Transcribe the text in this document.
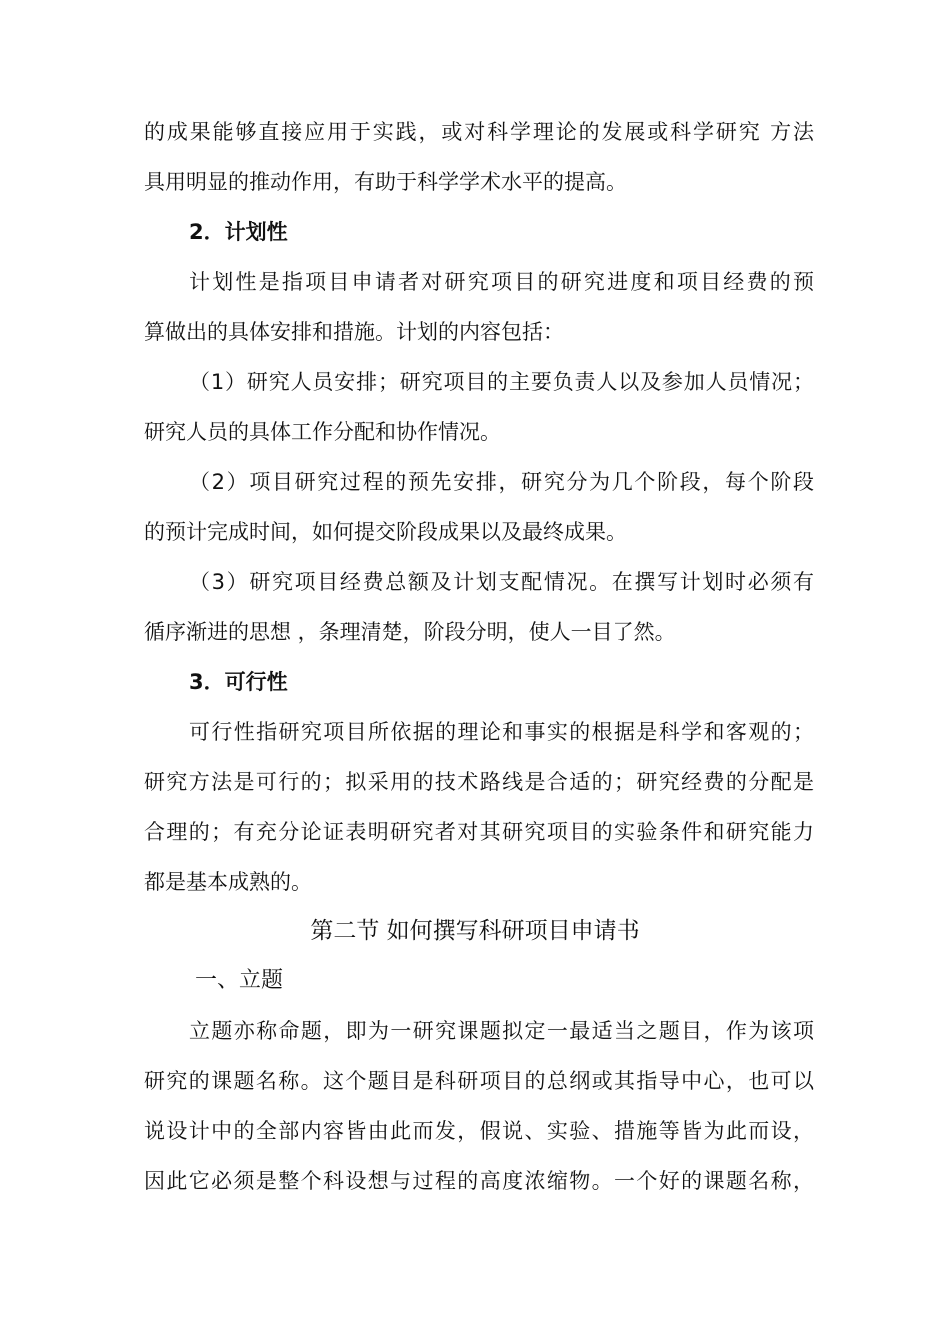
的成果能够直接应用于实践，或对科学理论的发展或科学研究 方法
具用明显的推动作用，有助于科学学术水平的提高。
2．计划性
计划性是指项目申请者对研究项目的研究进度和项目经费的预
算做出的具体安排和措施。计划的内容包括：
（1）研究人员安排；研究项目的主要负责人以及参加人员情况；
研究人员的具体工作分配和协作情况。
（2）项目研究过程的预先安排，研究分为几个阶段，每个阶段
的预计完成时间，如何提交阶段成果以及最终成果。
（3）研究项目经费总额及计划支配情况。在撰写计划时必须有
循序渐进的思想 ，条理清楚，阶段分明，使人一目了然。
3．可行性
可行性指研究项目所依据的理论和事实的根据是科学和客观的；
研究方法是可行的；拟采用的技术路线是合适的；研究经费的分配是
合理的；有充分论证表明研究者对其研究项目的实验条件和研究能力
都是基本成熟的。
第二节 如何撰写科研项目申请书
一、立题
立题亦称命题，即为一研究课题拟定一最适当之题目，作为该项
研究的课题名称。这个题目是科研项目的总纲或其指导中心，也可以
说设计中的全部内容皆由此而发，假说、实验、措施等皆为此而设，
因此它必须是整个科设想与过程的高度浓缩物。一个好的课题名称，
